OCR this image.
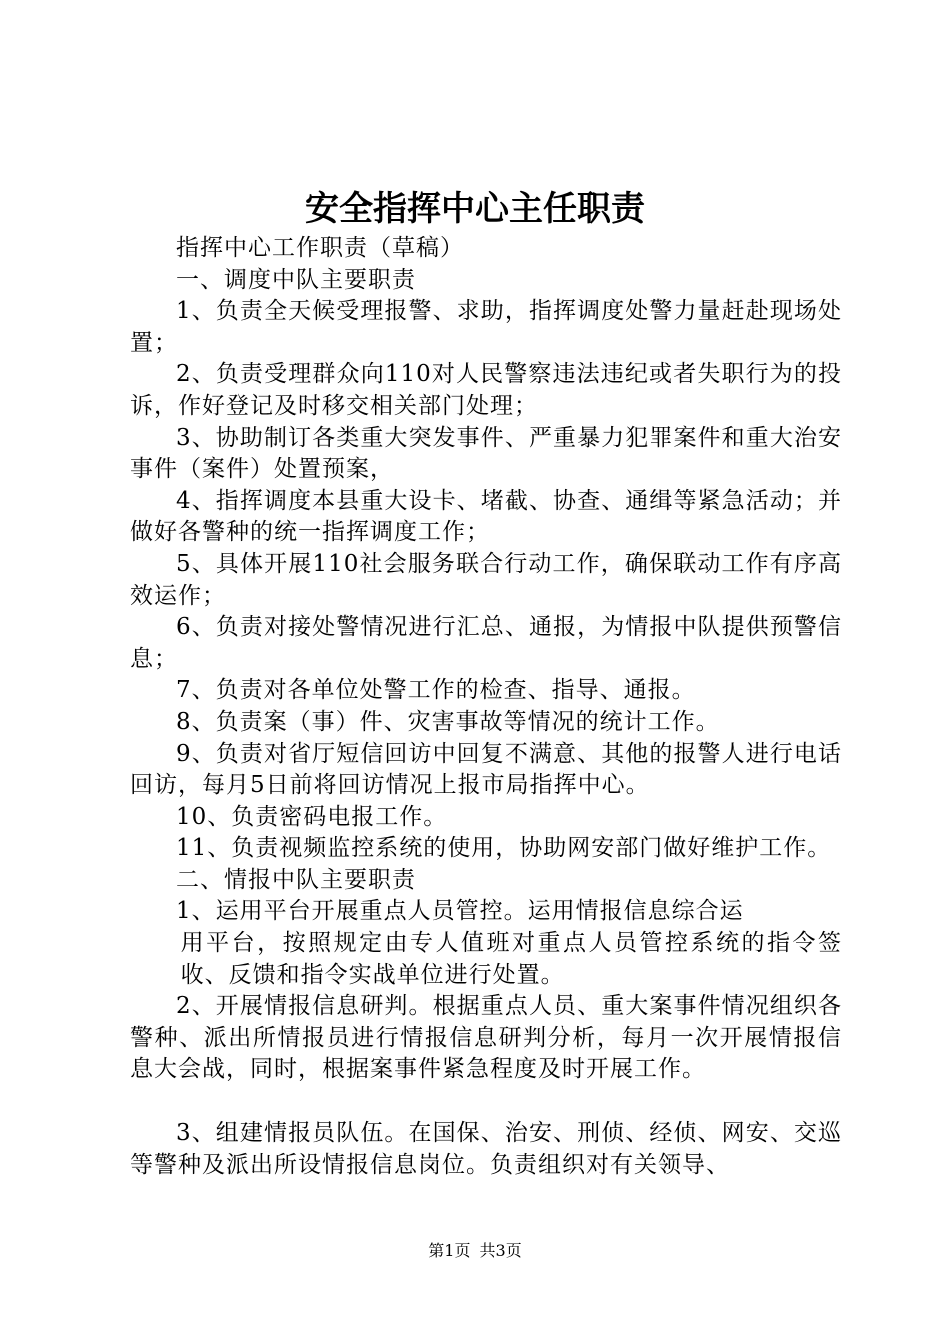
安全指挥中心主任职责

指挥中心工作职责（草稿）

一、调度中队主要职责

1、负责全天候受理报警、求助，指挥调度处警力量赶赴现场处置；

2、负责受理群众向110对人民警察违法违纪或者失职行为的投诉，作好登记及时移交相关部门处理；

3、协助制订各类重大突发事件、严重暴力犯罪案件和重大治安事件（案件）处置预案，

4、指挥调度本县重大设卡、堵截、协查、通缉等紧急活动；并做好各警种的统一指挥调度工作；

5、具体开展110社会服务联合行动工作，确保联动工作有序高效运作；

6、负责对接处警情况进行汇总、通报，为情报中队提供预警信息；

7、负责对各单位处警工作的检查、指导、通报。

8、负责案（事）件、灾害事故等情况的统计工作。

9、负责对省厅短信回访中回复不满意、其他的报警人进行电话回访，每月5日前将回访情况上报市局指挥中心。

10、负责密码电报工作。

11、负责视频监控系统的使用，协助网安部门做好维护工作。

二、情报中队主要职责

1、运用平台开展重点人员管控。运用情报信息综合运

用平台，按照规定由专人值班对重点人员管控系统的指令签收、反馈和指令实战单位进行处置。

2、开展情报信息研判。根据重点人员、重大案事件情况组织各警种、派出所情报员进行情报信息研判分析，每月一次开展情报信息大会战，同时，根据案事件紧急程度及时开展工作。

3、组建情报员队伍。在国保、治安、刑侦、经侦、网安、交巡等警种及派出所设情报信息岗位。负责组织对有关领导、

第1页 共3页
